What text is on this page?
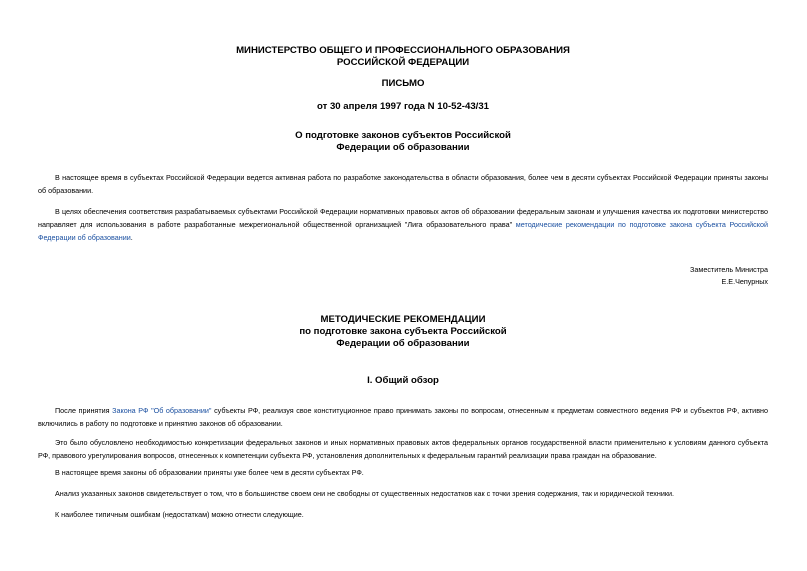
МИНИСТЕРСТВО ОБЩЕГО И ПРОФЕССИОНАЛЬНОГО ОБРАЗОВАНИЯ

РОССИЙСКОЙ ФЕДЕРАЦИИ

ПИСЬМО

от 30 апреля 1997 года N 10-52-43/31

О подготовке законов субъектов Российской

Федерации об образовании

В настоящее время в субъектах Российской Федерации ведется активная работа по разработке законодательства в области образования, более чем в десяти субъектах Российской Федерации приняты законы об образовании.

В целях обеспечения соответствия разрабатываемых субъектами Российской Федерации нормативных правовых актов об образовании федеральным законам и улучшения качества их подготовки министерство направляет для использования в работе разработанные межрегиональной общественной организацией "Лига образовательного права" методические рекомендации по подготовке закона субъекта Российской Федерации об образовании.

Заместитель Министра
Е.Е.Чепурных

МЕТОДИЧЕСКИЕ РЕКОМЕНДАЦИИ

по подготовке закона субъекта Российской

Федерации об образовании

I. Общий обзор

После принятия Закона РФ "Об образовании" субъекты РФ, реализуя свое конституционное право принимать законы по вопросам, отнесенным к предметам совместного ведения РФ и субъектов РФ, активно включились в работу по подготовке и принятию законов об образовании.

Это было обусловлено необходимостью конкретизации федеральных законов и иных нормативных правовых актов федеральных органов государственной власти применительно к условиям данного субъекта РФ, правового урегулирования вопросов, отнесенных к компетенции субъекта РФ, установления дополнительных к федеральным гарантий реализации права граждан на образование.

В настоящее время законы об образовании приняты уже более чем в десяти субъектах РФ.

Анализ указанных законов свидетельствует о том, что в большинстве своем они не свободны от существенных недостатков как с точки зрения содержания, так и юридической техники.

К наиболее типичным ошибкам (недостаткам) можно отнести следующие.
